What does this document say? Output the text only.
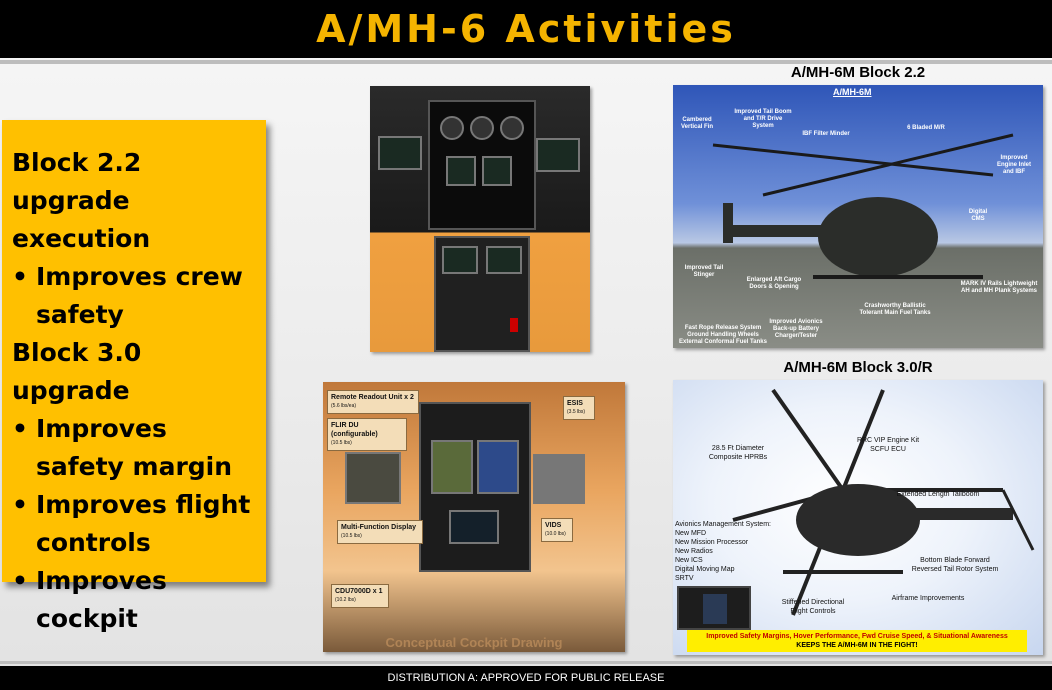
A/MH-6 Activities
Block 2.2 upgrade execution
• Improves crew safety
Block 3.0 upgrade
• Improves safety margin
• Improves flight controls
• Improves cockpit
Remote Readout Unit x 2
(5.6 lbs/ea)
FLIR DU (configurable)
(10.5 lbs)
ESIS
(3.5 lbs)
Multi-Function Display
(10.5 lbs)
VIDS
(10.0 lbs)
CDU7000D x 1
(10.2 lbs)
Conceptual Cockpit Drawing
A/MH-6M Block 2.2
A/MH-6M
Cambered Vertical Fin
Improved Tail Boom and T/R Drive System
IBF Filter Minder
6 Bladed M/R
Improved Engine Inlet and IBF
Digital CMS
Improved Tail Stinger
Enlarged Aft Cargo Doors & Opening	MARK IV Rails Lightweight AH and MH Plank Systems
Crashworthy Ballistic Tolerant Main Fuel Tanks
Fast Rope Release System Ground Handling Wheels External Conformal Fuel Tanks
Improved Avionics Back-up Battery Charger/Tester
A/MH-6M Block 3.0/R
28.5 Ft Diameter Composite HPRBs
RRC VIP Engine Kit SCFU ECU
Extended Length Tailboom
Bottom Blade Forward Reversed Tail Rotor System
Airframe Improvements
Stiffened Directional Flight Controls
Avionics Management System:
New MFD
New Mission Processor
New Radios
New ICS
Digital Moving Map
SRTV
Improved Safety Margins, Hover Performance, Fwd Cruise Speed, & Situational Awareness
KEEPS THE A/MH-6M IN THE FIGHT!
DISTRIBUTION A: APPROVED FOR PUBLIC RELEASE
